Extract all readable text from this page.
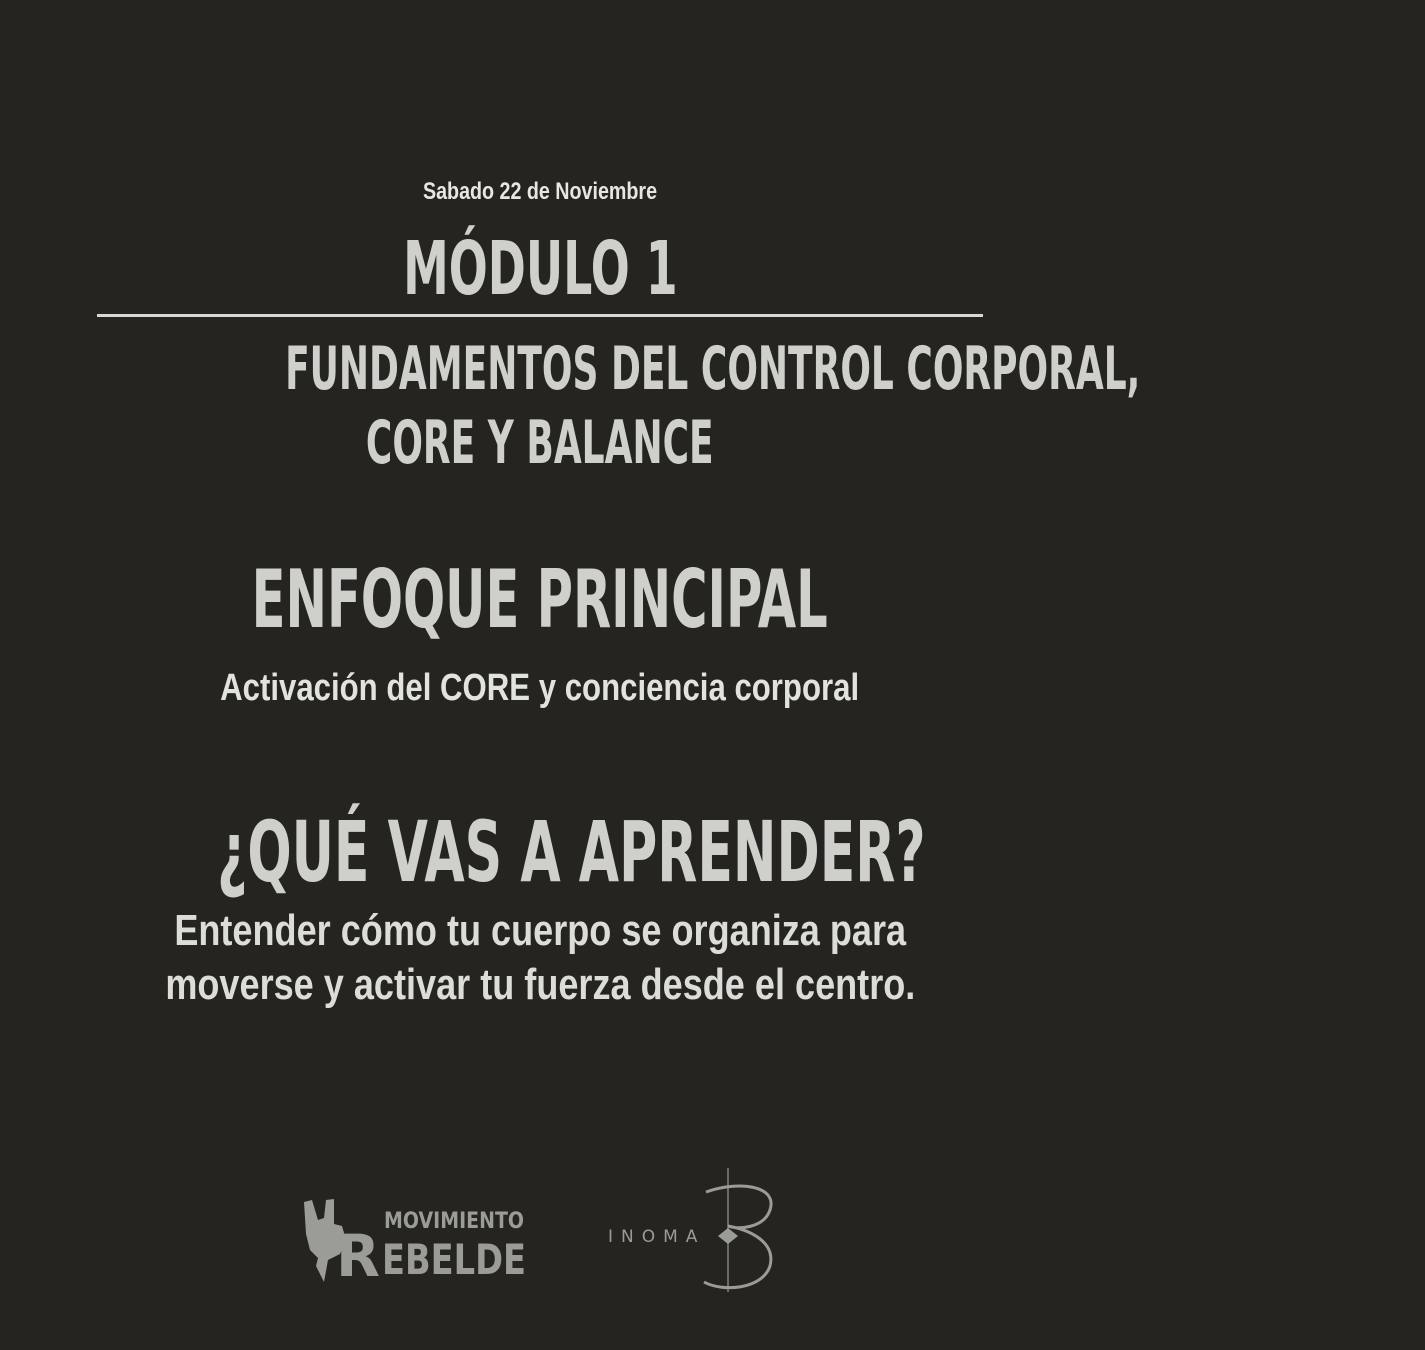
Sabado 22 de Noviembre
MÓDULO 1
FUNDAMENTOS DEL CONTROL CORPORAL,
CORE Y BALANCE
ENFOQUE PRINCIPAL
Activación del CORE y conciencia corporal
¿QUÉ VAS A APRENDER?
Entender cómo tu cuerpo se organiza para
moverse y activar tu fuerza desde el centro.
MOVIMIENTO
R EBELDE	INOMA
